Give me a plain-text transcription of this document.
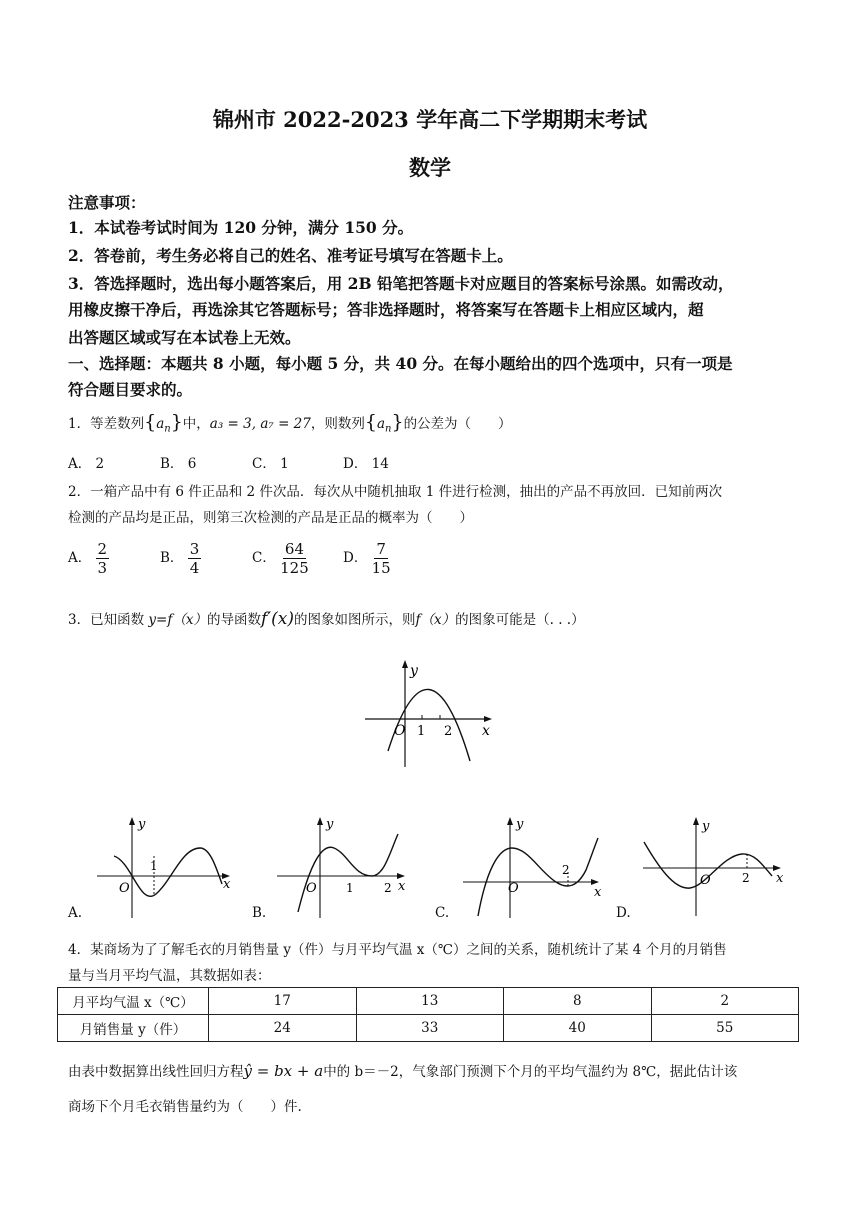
锦州市 2022-2023 学年高二下学期期末考试
数学
注意事项：
1．本试卷考试时间为 120 分钟，满分 150 分。
2．答卷前，考生务必将自己的姓名、准考证号填写在答题卡上。
3．答选择题时，选出每小题答案后，用 2B 铅笔把答题卡对应题目的答案标号涂黑。如需改动，
用橡皮擦干净后，再选涂其它答题标号；答非选择题时，将答案写在答题卡上相应区域内，超
出答题区域或写在本试卷上无效。
一、选择题：本题共 8 小题，每小题 5 分，共 40 分。在每小题给出的四个选项中，只有一项是
符合题目要求的。
1．等差数列$\{a_n\}$中，a₃ = 3, a₇ = 27，则数列$\{a_n\}$的公差为（　　）
A． 2	B． 6	C． 1	D． 14
2．一箱产品中有 6 件正品和 2 件次品．每次从中随机抽取 1 件进行检测，抽出的产品不再放回．已知前两次
检测的产品均是正品，则第三次检测的产品是正品的概率为（　　）
A． $\frac{2}{3}$	B． $\frac{3}{4}$	C． $\frac{64}{125}$	D． $\frac{7}{15}$
3．已知函数 y=f（x）的导函数f′(x)的图象如图所示，则f（x）的图象可能是（. . .）
O 1 2 x
y
O
1
x
y
A.
O 1	2 x
y
B.
O
2
x
y
C.
O	2 x
y
D.
4．某商场为了了解毛衣的月销售量 y（件）与月平均气温 x（℃）之间的关系，随机统计了某 4 个月的月销售
量与当月平均气温，其数据如表：
月平均气温 x（℃）	17	13	8	2
月销售量 y（件）	24	33	40	55
由表中数据算出线性回归方程ŷ = bx + a中的 b＝－2，气象部门预测下个月的平均气温约为 8℃，据此估计该
商场下个月毛衣销售量约为（　　）件.
